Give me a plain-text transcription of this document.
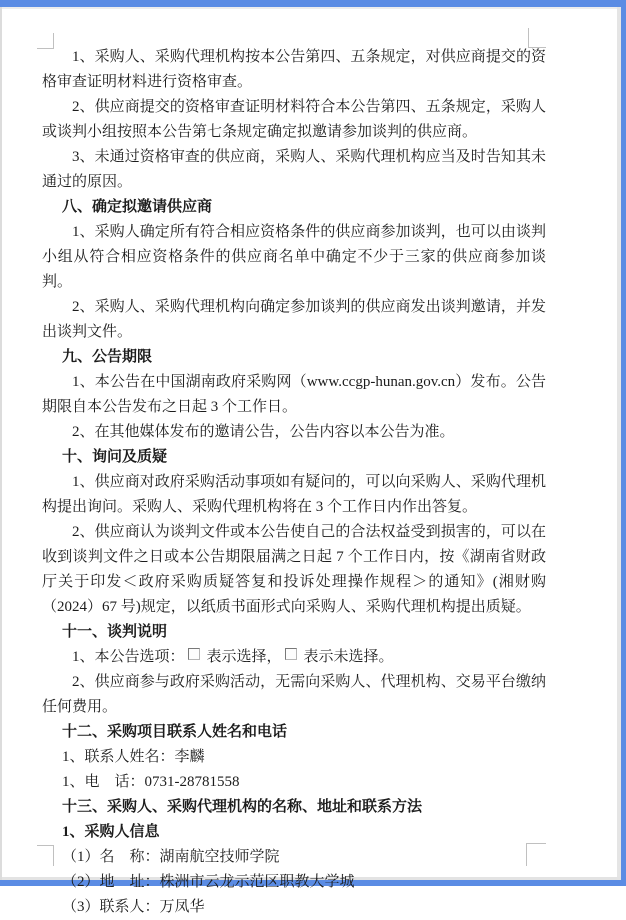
1、采购人、采购代理机构按本公告第四、五条规定，对供应商提交的资格审查证明材料进行资格审查。

2、供应商提交的资格审查证明材料符合本公告第四、五条规定，采购人或谈判小组按照本公告第七条规定确定拟邀请参加谈判的供应商。

3、未通过资格审查的供应商，采购人、采购代理机构应当及时告知其未通过的原因。

八、确定拟邀请供应商

1、采购人确定所有符合相应资格条件的供应商参加谈判，也可以由谈判小组从符合相应资格条件的供应商名单中确定不少于三家的供应商参加谈判。

2、采购人、采购代理机构向确定参加谈判的供应商发出谈判邀请，并发出谈判文件。

九、公告期限

1、本公告在中国湖南政府采购网（www.ccgp-hunan.gov.cn）发布。公告期限自本公告发布之日起 3 个工作日。

2、在其他媒体发布的邀请公告，公告内容以本公告为准。

十、询问及质疑

1、供应商对政府采购活动事项如有疑问的，可以向采购人、采购代理机构提出询问。采购人、采购代理机构将在 3 个工作日内作出答复。

2、供应商认为谈判文件或本公告使自己的合法权益受到损害的，可以在收到谈判文件之日或本公告期限届满之日起 7 个工作日内，按《湖南省财政厅关于印发＜政府采购质疑答复和投诉处理操作规程＞的通知》(湘财购（2024）67 号)规定，以纸质书面形式向采购人、采购代理机构提出质疑。

十一、谈判说明

1、本公告选项： 表示选择， 表示未选择。

2、供应商参与政府采购活动，无需向采购人、代理机构、交易平台缴纳任何费用。

十二、采购项目联系人姓名和电话

1、联系人姓名：李麟

1、电　话：0731-28781558

十三、采购人、采购代理机构的名称、地址和联系方法

1、采购人信息

（1）名　称：湖南航空技师学院

（2）地　址：株洲市云龙示范区职教大学城

（3）联系人：万凤华
